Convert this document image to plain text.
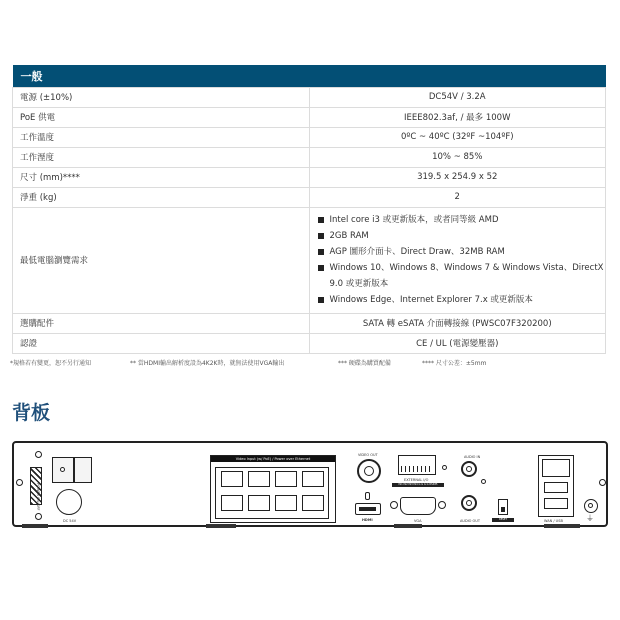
一般	
電源 (±10%)	DC54V / 3.2A
PoE 供電	IEEE802.3af, / 最多 100W
工作溫度	0ºC ~ 40ºC (32ºF ~104ºF)
工作溼度	10% ~ 85%
尺寸 (mm)****	319.5 x 254.9 x 52
淨重 (kg)	2
最低電腦瀏覽需求	
Intel core i3 或更新版本，或者同等級 AMD
2GB RAM
AGP 圖形介面卡、Direct Draw、32MB RAM
Windows 10、Windows 8、Windows 7 & Windows Vista、DirectX 9.0 或更新版本
Windows Edge、Internet Explorer 7.x 或更新版本

選購配件	SATA 轉 eSATA 介面轉接線 (PWSC07F320200)
認證	CE / UL (電源變壓器)
*規格若有變更，恕不另行通知	** 當HDMI輸出解析度設為4K2K時，就無法使用VGA輸出	*** 硬碟為購買配備	**** 尺寸公差：±5mm
背板
POWER ON/OFF
DC 54V
Video Input (w/ PoE) / Power over Ethernet
VIDEO OUT
HDMI
EXTERNAL I/O
IN1 IN2 IN3 IN4 G G G G RS485
VGA
AUDIO IN
AUDIO OUT	RESET	WAN / USB	⏚
